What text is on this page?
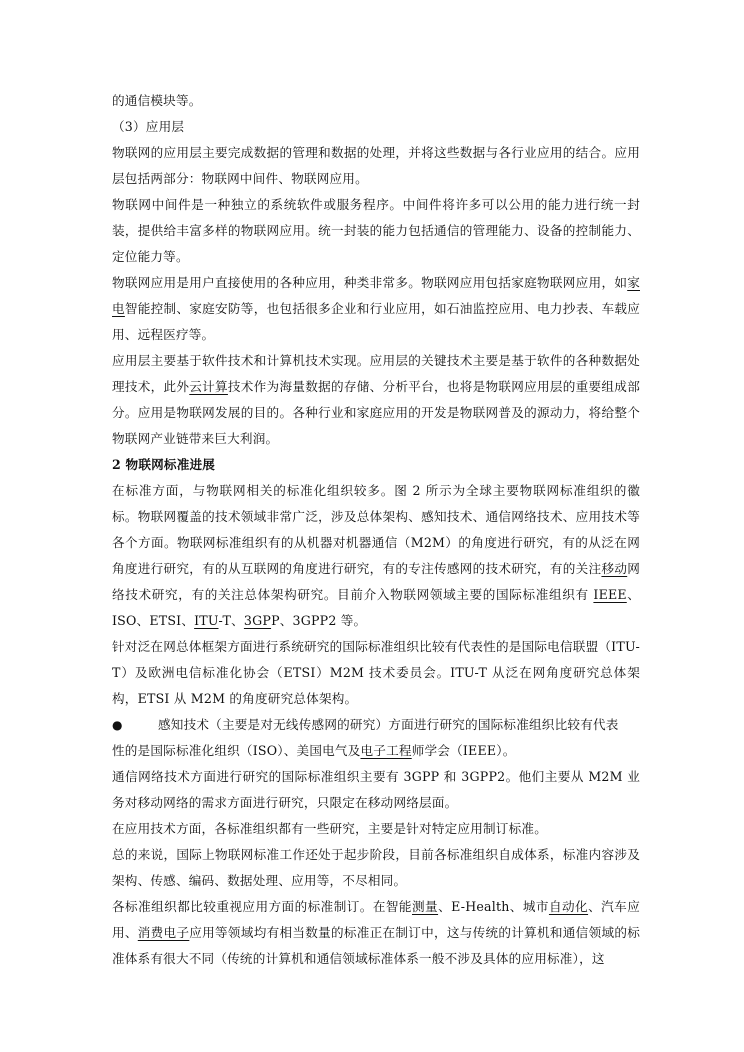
的通信模块等。

（3）应用层

物联网的应用层主要完成数据的管理和数据的处理，并将这些数据与各行业应用的结合。应用层包括两部分：物联网中间件、物联网应用。

物联网中间件是一种独立的系统软件或服务程序。中间件将许多可以公用的能力进行统一封装，提供给丰富多样的物联网应用。统一封装的能力包括通信的管理能力、设备的控制能力、定位能力等。

物联网应用是用户直接使用的各种应用，种类非常多。物联网应用包括家庭物联网应用，如家电智能控制、家庭安防等，也包括很多企业和行业应用，如石油监控应用、电力抄表、车载应用、远程医疗等。

应用层主要基于软件技术和计算机技术实现。应用层的关键技术主要是基于软件的各种数据处理技术，此外云计算技术作为海量数据的存储、分析平台，也将是物联网应用层的重要组成部分。应用是物联网发展的目的。各种行业和家庭应用的开发是物联网普及的源动力，将给整个物联网产业链带来巨大利润。

2 物联网标准进展

在标准方面，与物联网相关的标准化组织较多。图 2 所示为全球主要物联网标准组织的徽标。物联网覆盖的技术领域非常广泛，涉及总体架构、感知技术、通信网络技术、应用技术等各个方面。物联网标准组织有的从机器对机器通信（M2M）的角度进行研究，有的从泛在网角度进行研究，有的从互联网的角度进行研究，有的专注传感网的技术研究，有的关注移动网络技术研究，有的关注总体架构研究。目前介入物联网领域主要的国际标准组织有 IEEE、ISO、ETSI、ITU-T、3GPP、3GPP2 等。

针对泛在网总体框架方面进行系统研究的国际标准组织比较有代表性的是国际电信联盟（ITU-T）及欧洲电信标准化协会（ETSI）M2M 技术委员会。ITU-T 从泛在网角度研究总体架构，ETSI 从 M2M 的角度研究总体架构。

●	感知技术（主要是对无线传感网的研究）方面进行研究的国际标准组织比较有代表

性的是国际标准化组织（ISO）、美国电气及电子工程师学会（IEEE）。

通信网络技术方面进行研究的国际标准组织主要有 3GPP 和 3GPP2。他们主要从 M2M 业务对移动网络的需求方面进行研究，只限定在移动网络层面。

在应用技术方面，各标准组织都有一些研究，主要是针对特定应用制订标准。

总的来说，国际上物联网标准工作还处于起步阶段，目前各标准组织自成体系，标准内容涉及架构、传感、编码、数据处理、应用等，不尽相同。

各标准组织都比较重视应用方面的标准制订。在智能测量、E-Health、城市自动化、汽车应用、消费电子应用等领域均有相当数量的标准正在制订中，这与传统的计算机和通信领域的标准体系有很大不同（传统的计算机和通信领域标准体系一般不涉及具体的应用标准），这
